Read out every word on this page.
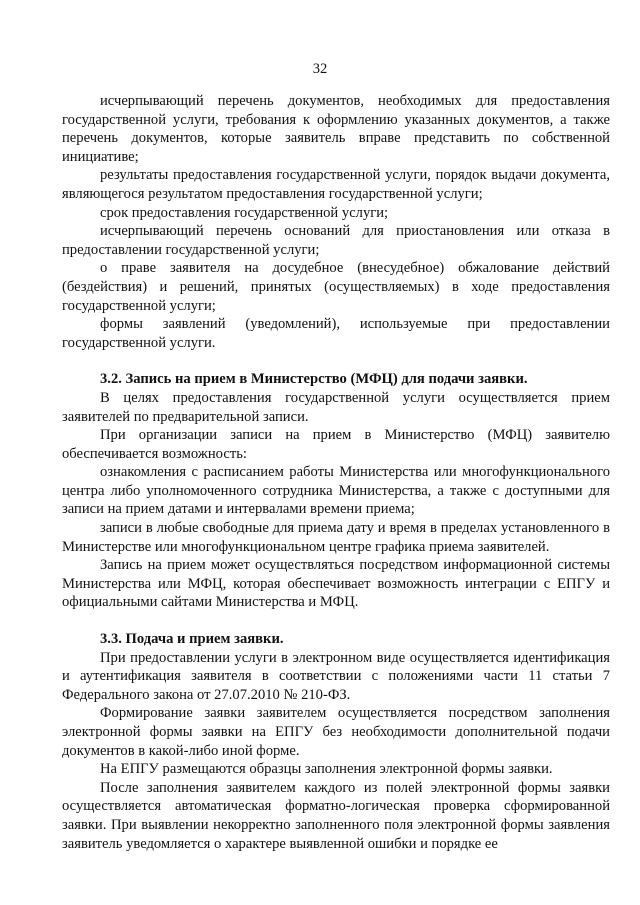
32

исчерпывающий перечень документов, необходимых для предоставления государственной услуги, требования к оформлению указанных документов, а также перечень документов, которые заявитель вправе представить по собственной инициативе;

результаты предоставления государственной услуги, порядок выдачи документа, являющегося результатом предоставления государственной услуги;

срок предоставления государственной услуги;

исчерпывающий перечень оснований для приостановления или отказа в предоставлении государственной услуги;

о праве заявителя на досудебное (внесудебное) обжалование действий (бездействия) и решений, принятых (осуществляемых) в ходе предоставления государственной услуги;

формы заявлений (уведомлений), используемые при предоставлении государственной услуги.

3.2. Запись на прием в Министерство (МФЦ) для подачи заявки.

В целях предоставления государственной услуги осуществляется прием заявителей по предварительной записи.

При организации записи на прием в Министерство (МФЦ) заявителю обеспечивается возможность:

ознакомления с расписанием работы Министерства или многофункционального центра либо уполномоченного сотрудника Министерства, а также с доступными для записи на прием датами и интервалами времени приема;

записи в любые свободные для приема дату и время в пределах установленного в Министерстве или многофункциональном центре графика приема заявителей.

Запись на прием может осуществляться посредством информационной системы Министерства или МФЦ, которая обеспечивает возможность интеграции с ЕПГУ и официальными сайтами Министерства и МФЦ.

3.3. Подача и прием заявки.

При предоставлении услуги в электронном виде осуществляется идентификация и аутентификация заявителя в соответствии с положениями части 11 статьи 7 Федерального закона от 27.07.2010 № 210-ФЗ.

Формирование заявки заявителем осуществляется посредством заполнения электронной формы заявки на ЕПГУ без необходимости дополнительной подачи документов в какой-либо иной форме.

На ЕПГУ размещаются образцы заполнения электронной формы заявки.

После заполнения заявителем каждого из полей электронной формы заявки осуществляется автоматическая форматно-логическая проверка сформированной заявки. При выявлении некорректно заполненного поля электронной формы заявления заявитель уведомляется о характере выявленной ошибки и порядке ее
